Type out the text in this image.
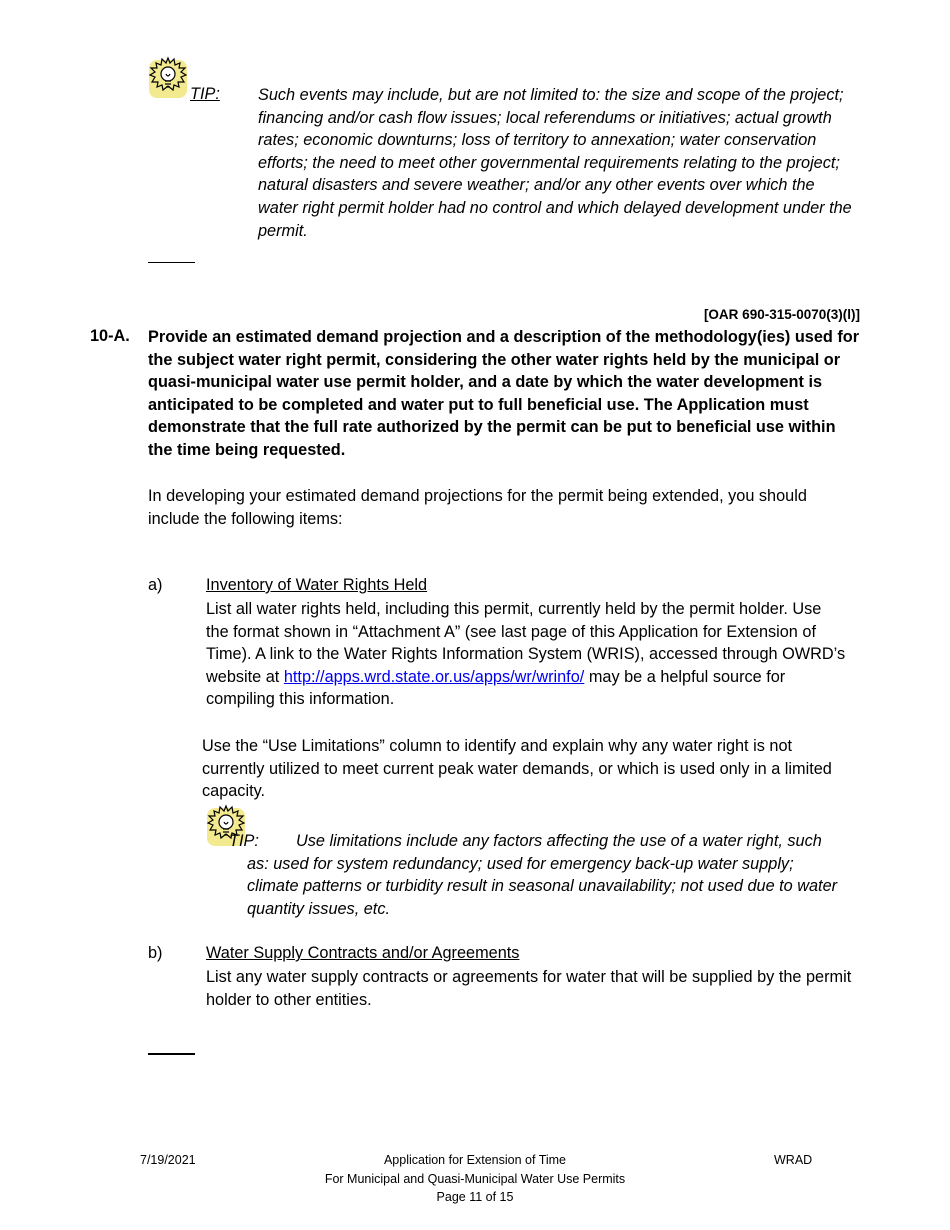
TIP: Such events may include, but are not limited to: the size and scope of the project; financing and/or cash flow issues; local referendums or initiatives; actual growth rates; economic downturns; loss of territory to annexation; water conservation efforts; the need to meet other governmental requirements relating to the project; natural disasters and severe weather; and/or any other events over which the water right permit holder had no control and which delayed development under the permit.
[OAR 690-315-0070(3)(l)]
10-A. Provide an estimated demand projection and a description of the methodology(ies) used for the subject water right permit, considering the other water rights held by the municipal or quasi-municipal water use permit holder, and a date by which the water development is anticipated to be completed and water put to full beneficial use. The Application must demonstrate that the full rate authorized by the permit can be put to beneficial use within the time being requested.
In developing your estimated demand projections for the permit being extended, you should include the following items:
a)	Inventory of Water Rights Held
List all water rights held, including this permit, currently held by the permit holder. Use the format shown in “Attachment A” (see last page of this Application for Extension of Time). A link to the Water Rights Information System (WRIS), accessed through OWRD’s website at http://apps.wrd.state.or.us/apps/wr/wrinfo/ may be a helpful source for compiling this information.
Use the “Use Limitations” column to identify and explain why any water right is not currently utilized to meet current peak water demands, or which is used only in a limited capacity.
TIP: Use limitations include any factors affecting the use of a water right, such as: used for system redundancy; used for emergency back-up water supply; climate patterns or turbidity result in seasonal unavailability; not used due to water quantity issues, etc.
b)	Water Supply Contracts and/or Agreements
List any water supply contracts or agreements for water that will be supplied by the permit holder to other entities.
7/19/2021	Application for Extension of Time
For Municipal and Quasi-Municipal Water Use Permits
Page 11 of 15
WRAD
